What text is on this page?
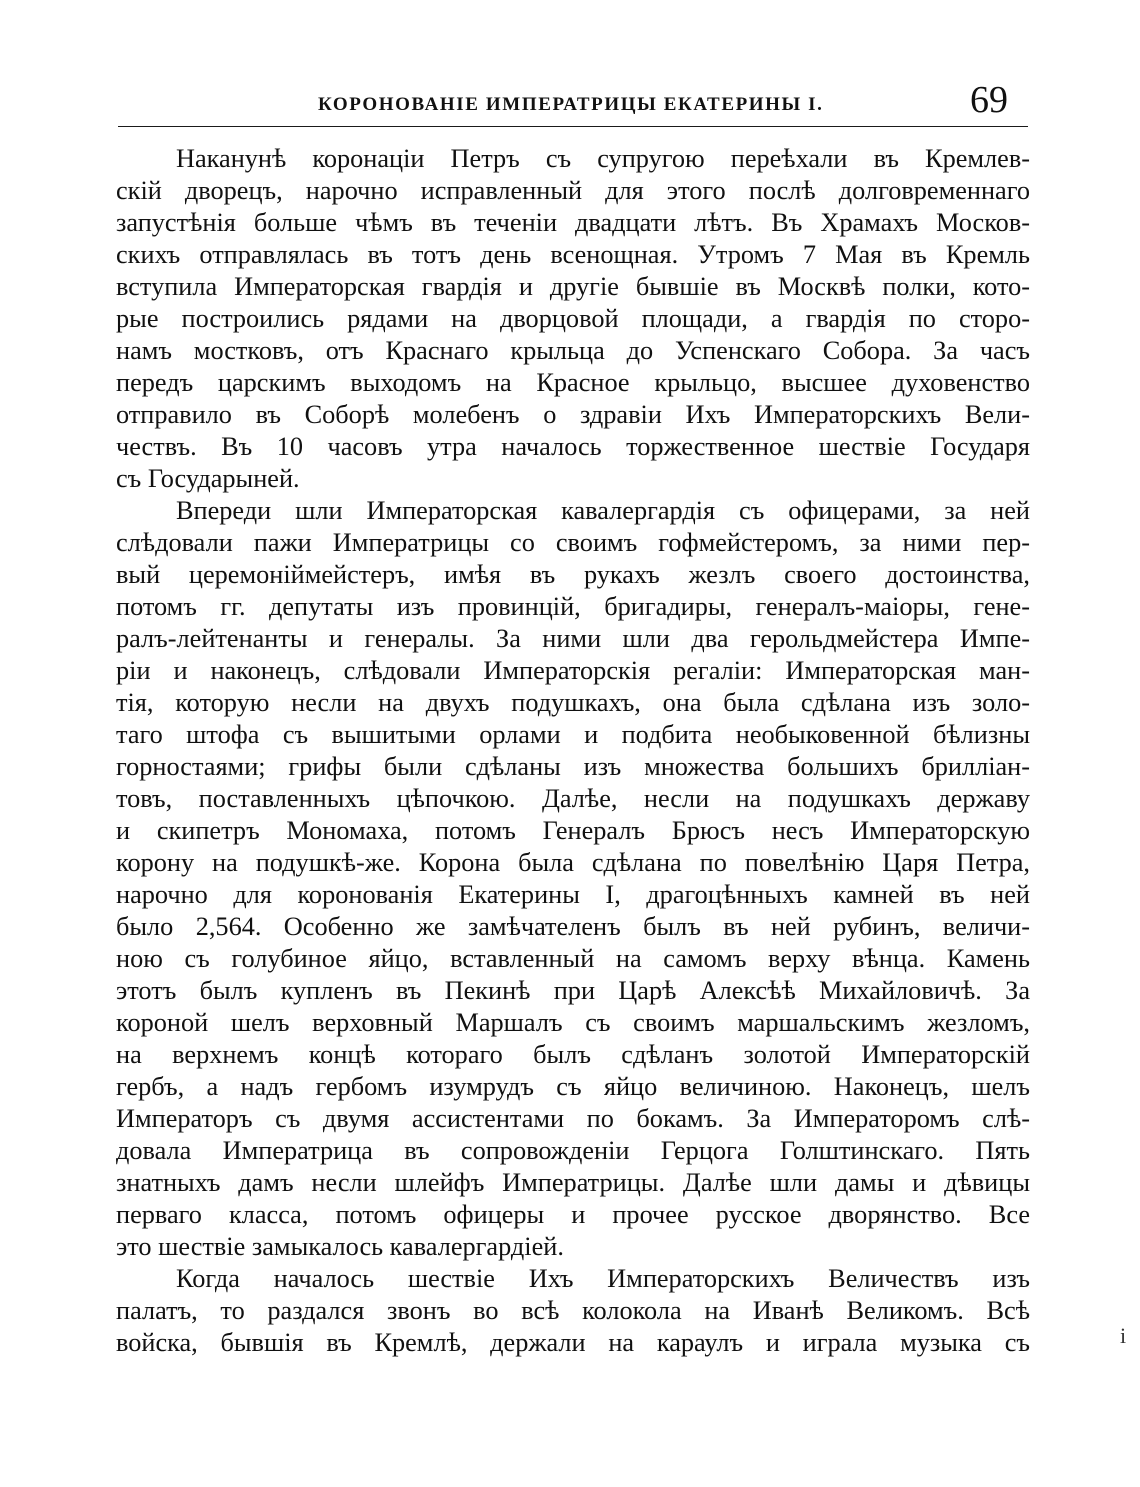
КОРОНОВАНІЕ ИМПЕРАТРИЦЫ ЕКАТЕРИНЫ I.	69
Наканунѣ коронаціи Петръ съ супругою переѣхали въ Кремлев-
скій дворецъ, нарочно исправленный для этого послѣ долговременнаго
запустѣнія больше чѣмъ въ теченіи двадцати лѣтъ. Въ Храмахъ Москов-
скихъ отправлялась въ тотъ день всенощная. Утромъ 7 Мая въ Кремль
вступила Императорская гвардія и другіе бывшіе въ Москвѣ полки, кото-
рые построились рядами на дворцовой площади, а гвардія по сторо-
намъ мостковъ, отъ Краснаго крыльца до Успенскаго Собора. За часъ
передъ царскимъ выходомъ на Красное крыльцо, высшее духовенство
отправило въ Соборѣ молебенъ о здравіи Ихъ Императорскихъ Вели-
чествъ. Въ 10 часовъ утра началось торжественное шествіе Государя
съ Государыней.
Впереди шли Императорская кавалергардія съ офицерами, за ней
слѣдовали пажи Императрицы со своимъ гофмейстеромъ, за ними пер-
вый церемоніймейстеръ, имѣя въ рукахъ жезлъ своего достоинства,
потомъ гг. депутаты изъ провинцій, бригадиры, генералъ-маіоры, гене-
ралъ-лейтенанты и генералы. За ними шли два герольдмейстера Импе-
ріи и наконецъ, слѣдовали Императорскія регаліи: Императорская ман-
тія, которую несли на двухъ подушкахъ, она была сдѣлана изъ золо-
таго штофа съ вышитыми орлами и подбита необыковенной бѣлизны
горностаями; грифы были сдѣланы изъ множества большихъ брилліан-
товъ, поставленныхъ цѣпочкою. Далѣе, несли на подушкахъ державу
и скипетръ Мономаха, потомъ Генералъ Брюсъ несъ Императорскую
корону на подушкѣ-же. Корона была сдѣлана по повелѣнію Царя Петра,
нарочно для коронованія Екатерины I, драгоцѣнныхъ камней въ ней
было 2,564. Особенно же замѣчателенъ былъ въ ней рубинъ, величи-
ною съ голубиное яйцо, вставленный на самомъ верху вѣнца. Камень
этотъ былъ купленъ въ Пекинѣ при Царѣ Алексѣѣ Михайловичѣ. За
короной шелъ верховный Маршалъ съ своимъ маршальскимъ жезломъ,
на верхнемъ концѣ котораго былъ сдѣланъ золотой Императорскій
гербъ, а надъ гербомъ изумрудъ съ яйцо величиною. Наконецъ, шелъ
Императоръ съ двумя ассистентами по бокамъ. За Императоромъ слѣ-
довала Императрица въ сопровожденіи Герцога Голштинскаго. Пять
знатныхъ дамъ несли шлейфъ Императрицы. Далѣе шли дамы и дѣвицы
перваго класса, потомъ офицеры и прочее русское дворянство. Все
это шествіе замыкалось кавалергардіей.
Когда началось шествіе Ихъ Императорскихъ Величествъ изъ
палатъ, то раздался звонъ во всѣ колокола на Иванѣ Великомъ. Всѣ
войска, бывшія въ Кремлѣ, держали на караулъ и играла музыка съ	і
